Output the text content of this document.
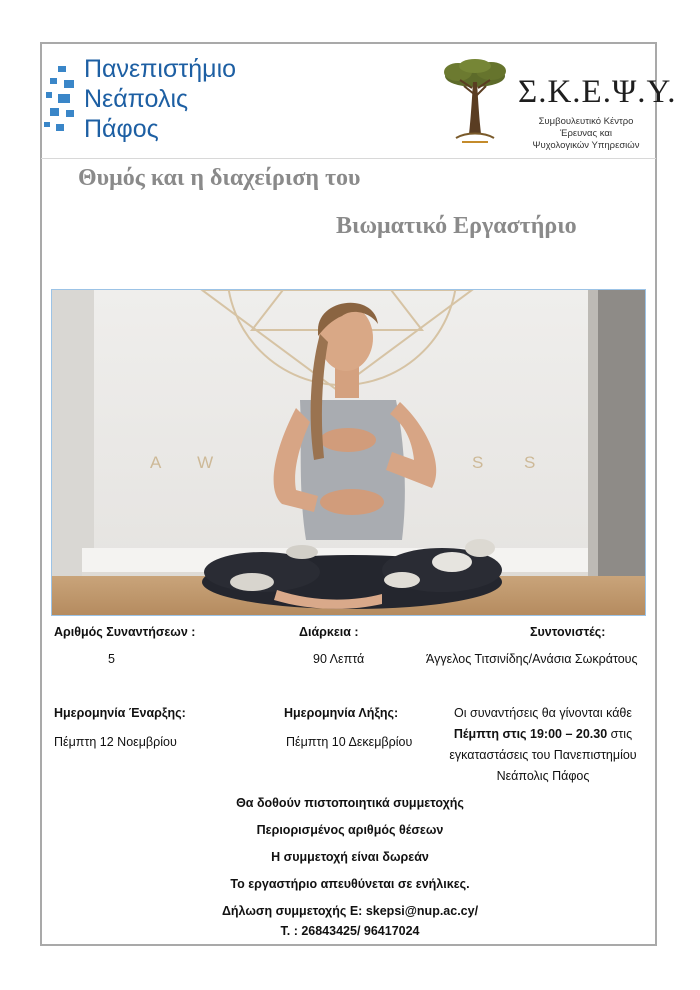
Πανεπιστήμιο
Νεάπολις
Πάφος
Σ.Κ.Ε.Ψ.Υ.
Συμβουλευτικό Κέντρο Έρευνας και
Ψυχολογικών Υπηρεσιών
Θυμός και η διαχείριση του
Βιωματικό Εργαστήριο
A W	S S
Αριθμός Συναντήσεων :
5
Διάρκεια :
90 Λεπτά
Συντονιστές:
Άγγελος Τιτσινίδης/Ανάσια Σωκράτους
Ημερομηνία Έναρξης:
Πέμπτη 12 Νοεμβρίου
Ημερομηνία Λήξης:
Πέμπτη 10 Δεκεμβρίου
Οι συναντήσεις θα γίνονται κάθε
Πέμπτη στις 19:00 – 20.30 στις
εγκαταστάσεις του Πανεπιστημίου
Νεάπολις Πάφος
Θα δοθούν πιστοποιητικά συμμετοχής
Περιορισμένος αριθμός θέσεων
Η συμμετοχή είναι δωρεάν
Το εργαστήριο απευθύνεται σε ενήλικες.
Δήλωση συμμετοχής Ε: skepsi@nup.ac.cy/
Τ. : 26843425/ 96417024
